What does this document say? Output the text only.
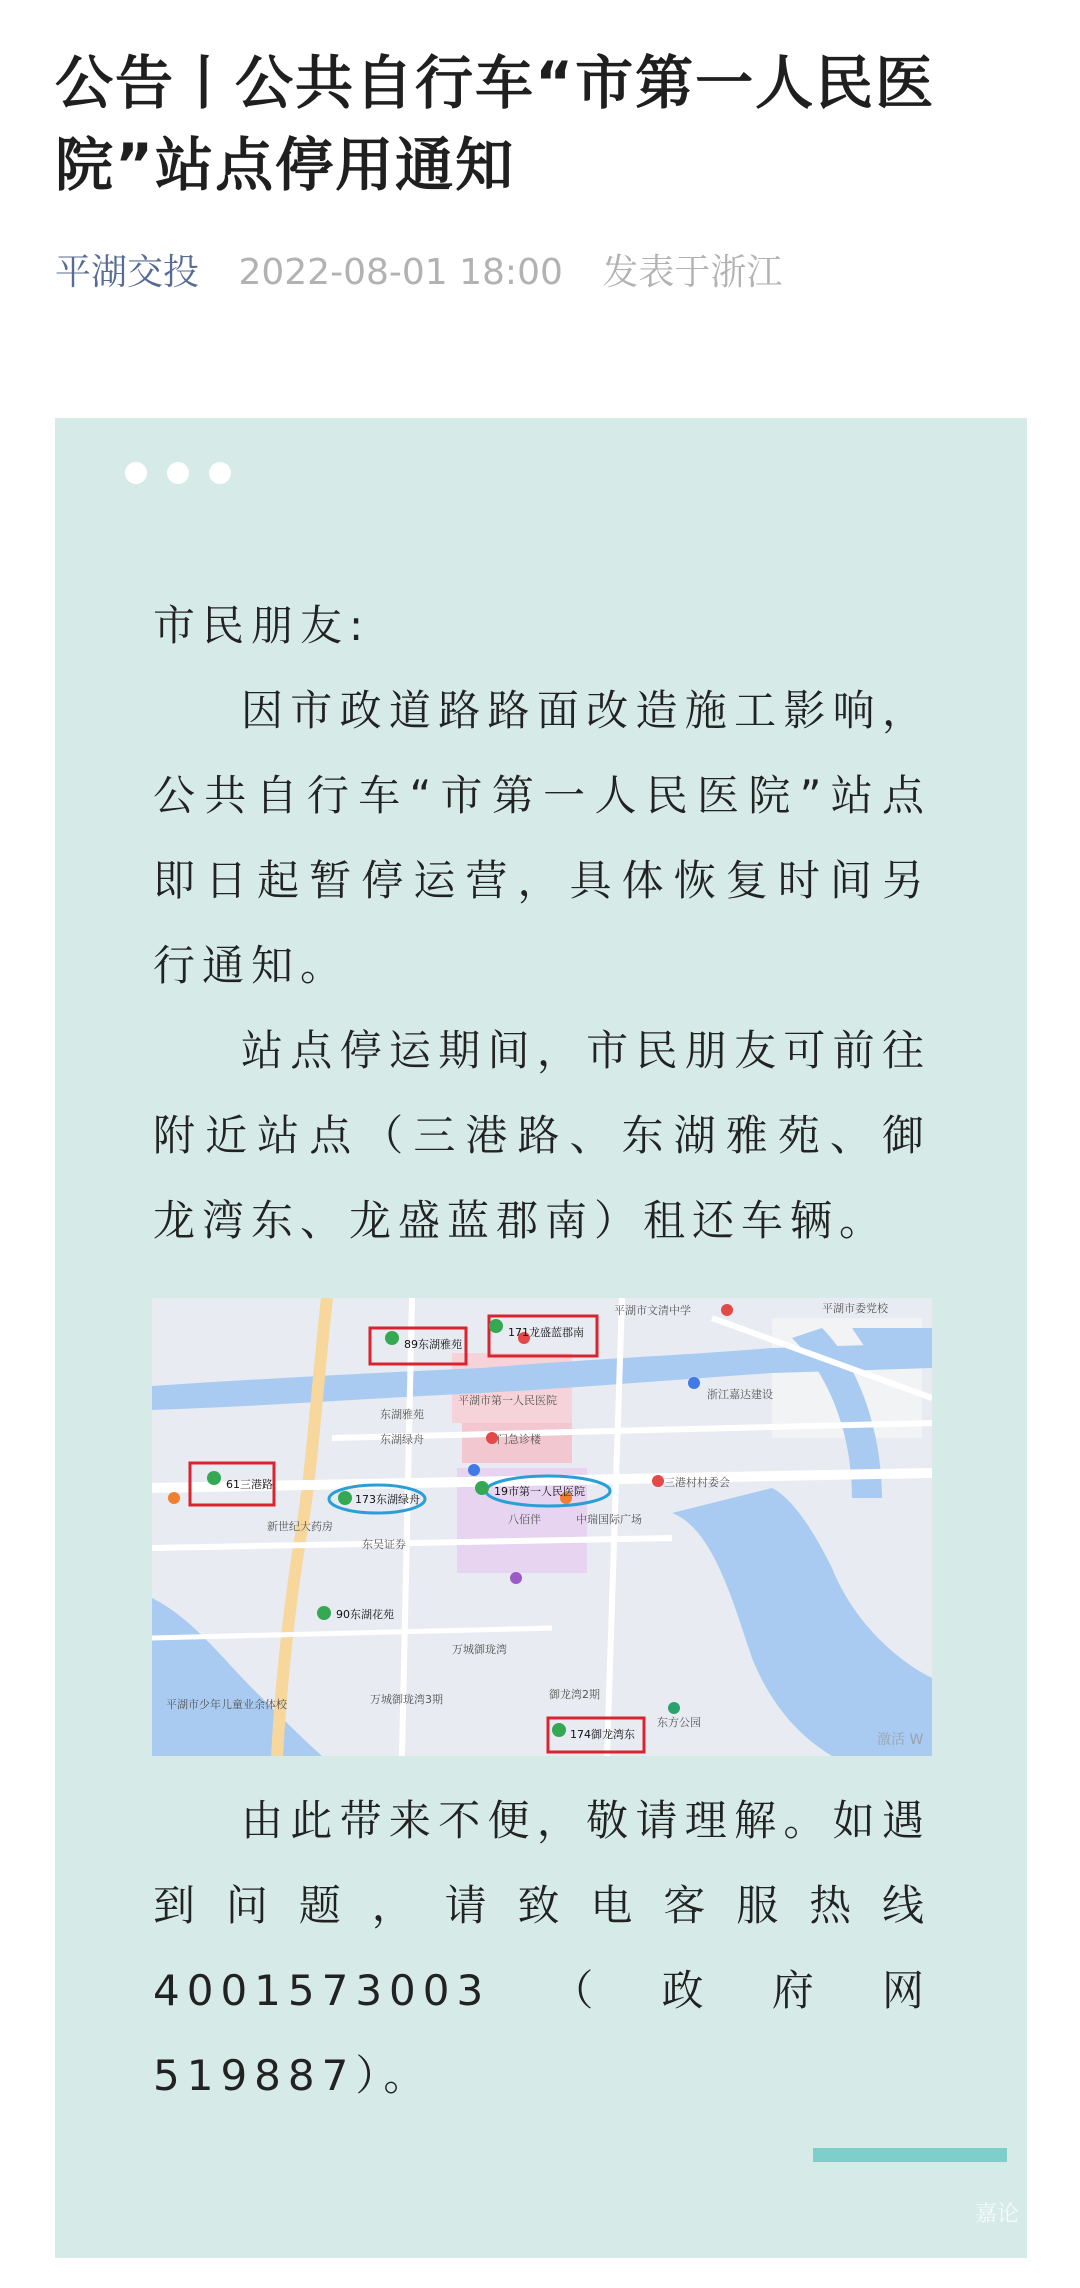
公告丨公共自行车“市第一人民医院”站点停用通知
平湖交投 2022-08-01 18:00 发表于浙江

市民朋友:

因市政道路路面改造施工影响，公共自行车“市第一人民医院”站点即日起暂停运营，具体恢复时间另行通知。

站点停运期间，市民朋友可前往附近站点（三港路、东湖雅苑、御龙湾东、龙盛蓝郡南）租还车辆。

89东湖雅苑
171龙盛蓝郡南
61三港路
173东湖绿舟
19市第一人民医院
90东湖花苑
174御龙湾东
平湖市第一人民医院
门急诊楼
东湖雅苑
东湖绿舟
新世纪大药房
东吴证券
八佰伴	中瑞国际广场
东方公园
万城御珑湾
万城御珑湾3期	御龙湾2期
平湖市少年儿童业余体校
三港村村委会
浙江嘉达建设
平湖市文清中学	平湖市委党校
激活 W

由此带来不便，敬请理解。如遇到问题，请致电客服热线4001573003（政府网519887）。

嘉论
